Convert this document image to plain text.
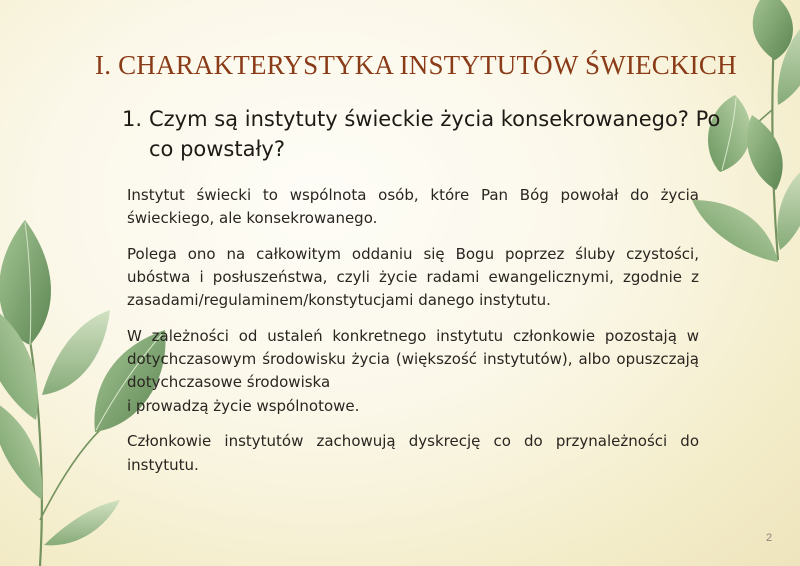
I. CHARAKTERYSTYKA INSTYTUTÓW ŚWIECKICH
1. Czym są instytuty świeckie życia konsekrowanego? Po co powstały?

Instytut świecki to wspólnota osób, które Pan Bóg powołał do życia świeckiego, ale konsekrowanego.

Polega ono na całkowitym oddaniu się Bogu poprzez śluby czystości, ubóstwa i posłuszeństwa, czyli życie radami ewangelicznymi, zgodnie z zasadami/regulaminem/konstytucjami danego instytutu.

W zależności od ustaleń konkretnego instytutu członkowie pozostają w dotychczasowym środowisku życia (większość instytutów), albo opuszczają dotychczasowe środowiska
i prowadzą życie wspólnotowe.

Członkowie instytutów zachowują dyskrecję co do przynależności do instytutu.

2
